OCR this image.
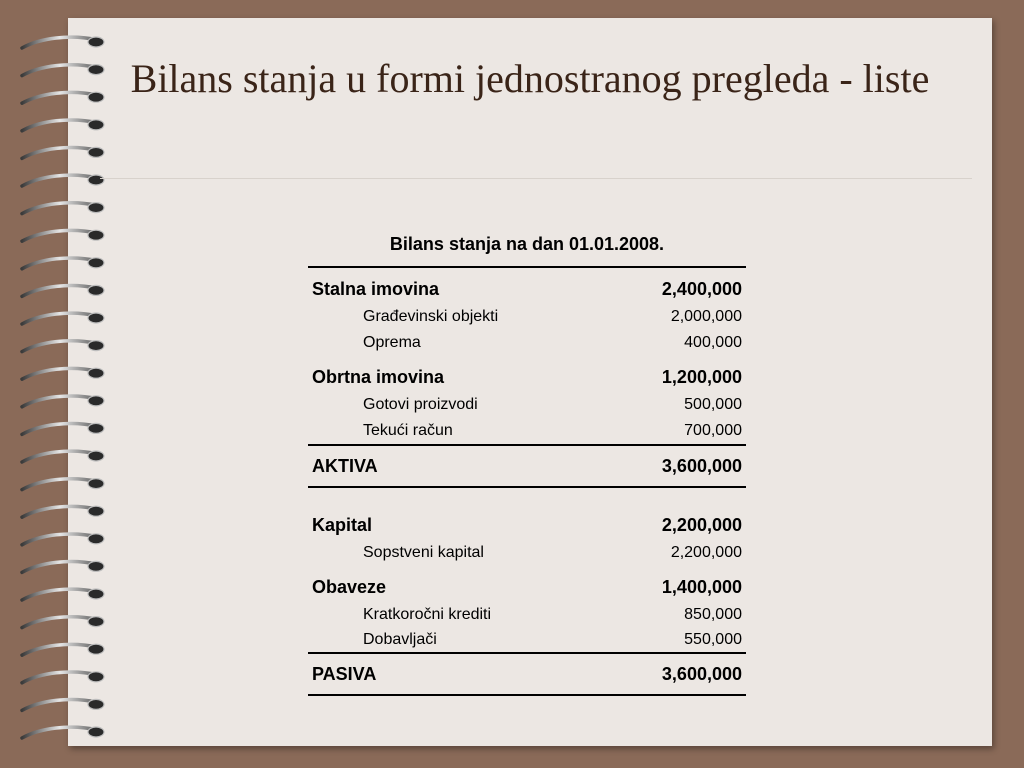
Bilans stanja u formi jednostranog pregleda - liste
Bilans stanja na dan 01.01.2008.
Stalna imovina	2,400,000
Građevinski objekti	2,000,000
Oprema	400,000
Obrtna imovina	1,200,000
Gotovi proizvodi	500,000
Tekući račun	700,000
AKTIVA	3,600,000
Kapital	2,200,000
Sopstveni kapital	2,200,000
Obaveze	1,400,000
Kratkoročni krediti	850,000
Dobavljači	550,000
PASIVA	3,600,000
